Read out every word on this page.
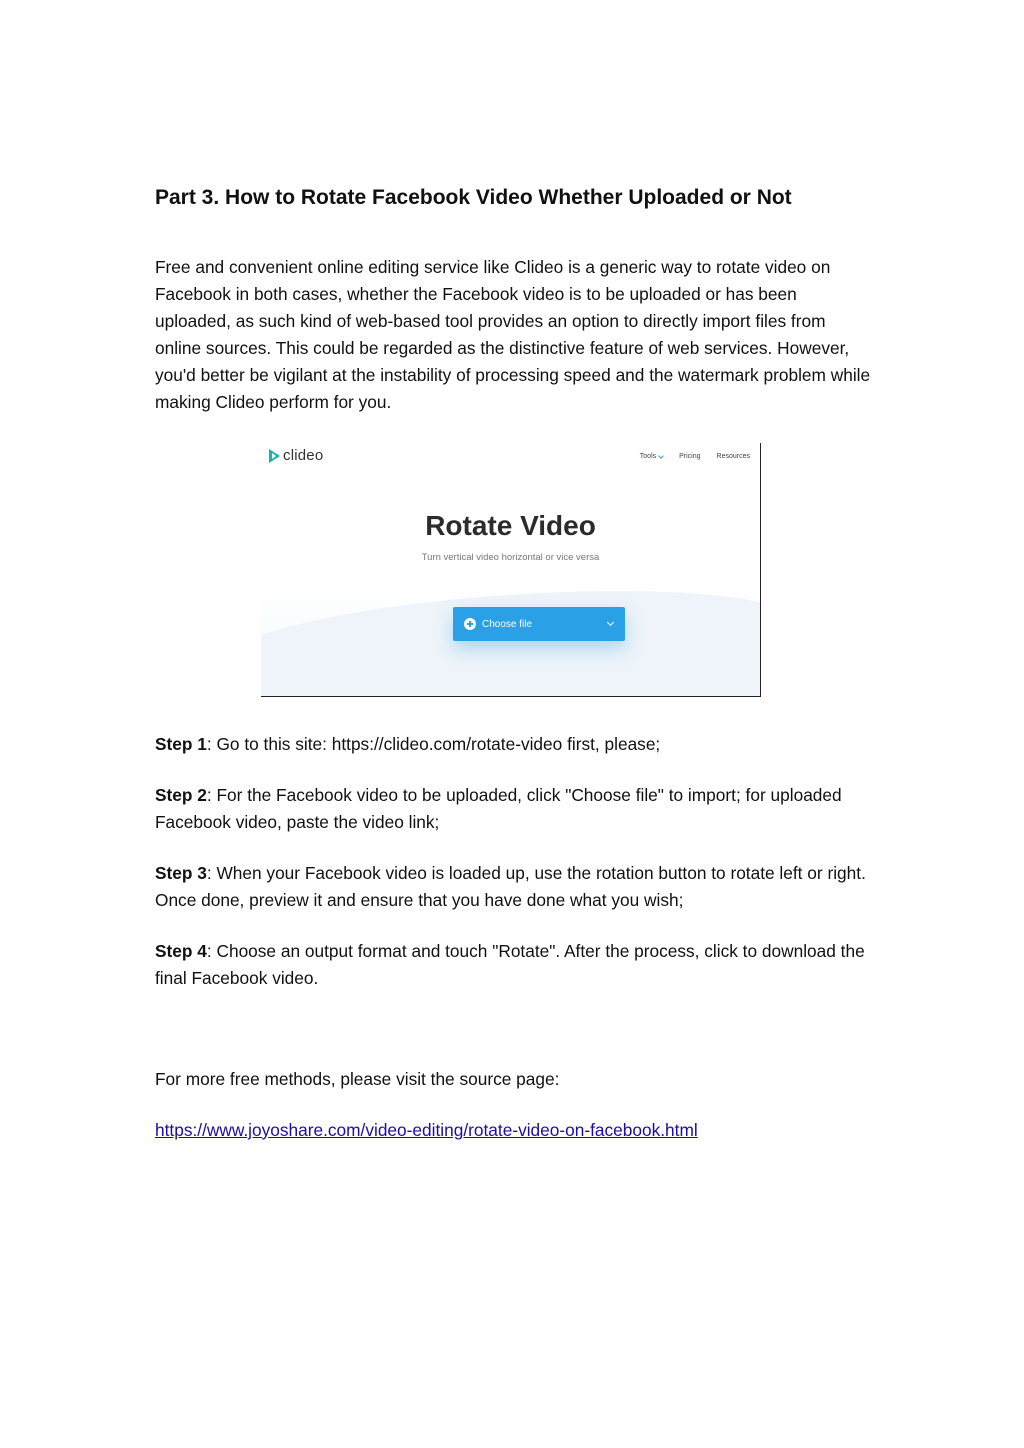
Part 3. How to Rotate Facebook Video Whether Uploaded or Not

Free and convenient online editing service like Clideo is a generic way to rotate video on Facebook in both cases, whether the Facebook video is to be uploaded or has been uploaded, as such kind of web-based tool provides an option to directly import files from online sources. This could be regarded as the distinctive feature of web services. However, you'd better be vigilant at the instability of processing speed and the watermark problem while making Clideo perform for you.

clideo	Tools	Pricing Resources
Rotate Video

Turn vertical video horizontal or vice versa

Choose file

Step 1: Go to this site: https://clideo.com/rotate-video first, please;

Step 2: For the Facebook video to be uploaded, click "Choose file" to import; for uploaded Facebook video, paste the video link;

Step 3: When your Facebook video is loaded up, use the rotation button to rotate left or right. Once done, preview it and ensure that you have done what you wish;

Step 4: Choose an output format and touch "Rotate". After the process, click to download the final Facebook video.

For more free methods, please visit the source page:

https://www.joyoshare.com/video-editing/rotate-video-on-facebook.html
